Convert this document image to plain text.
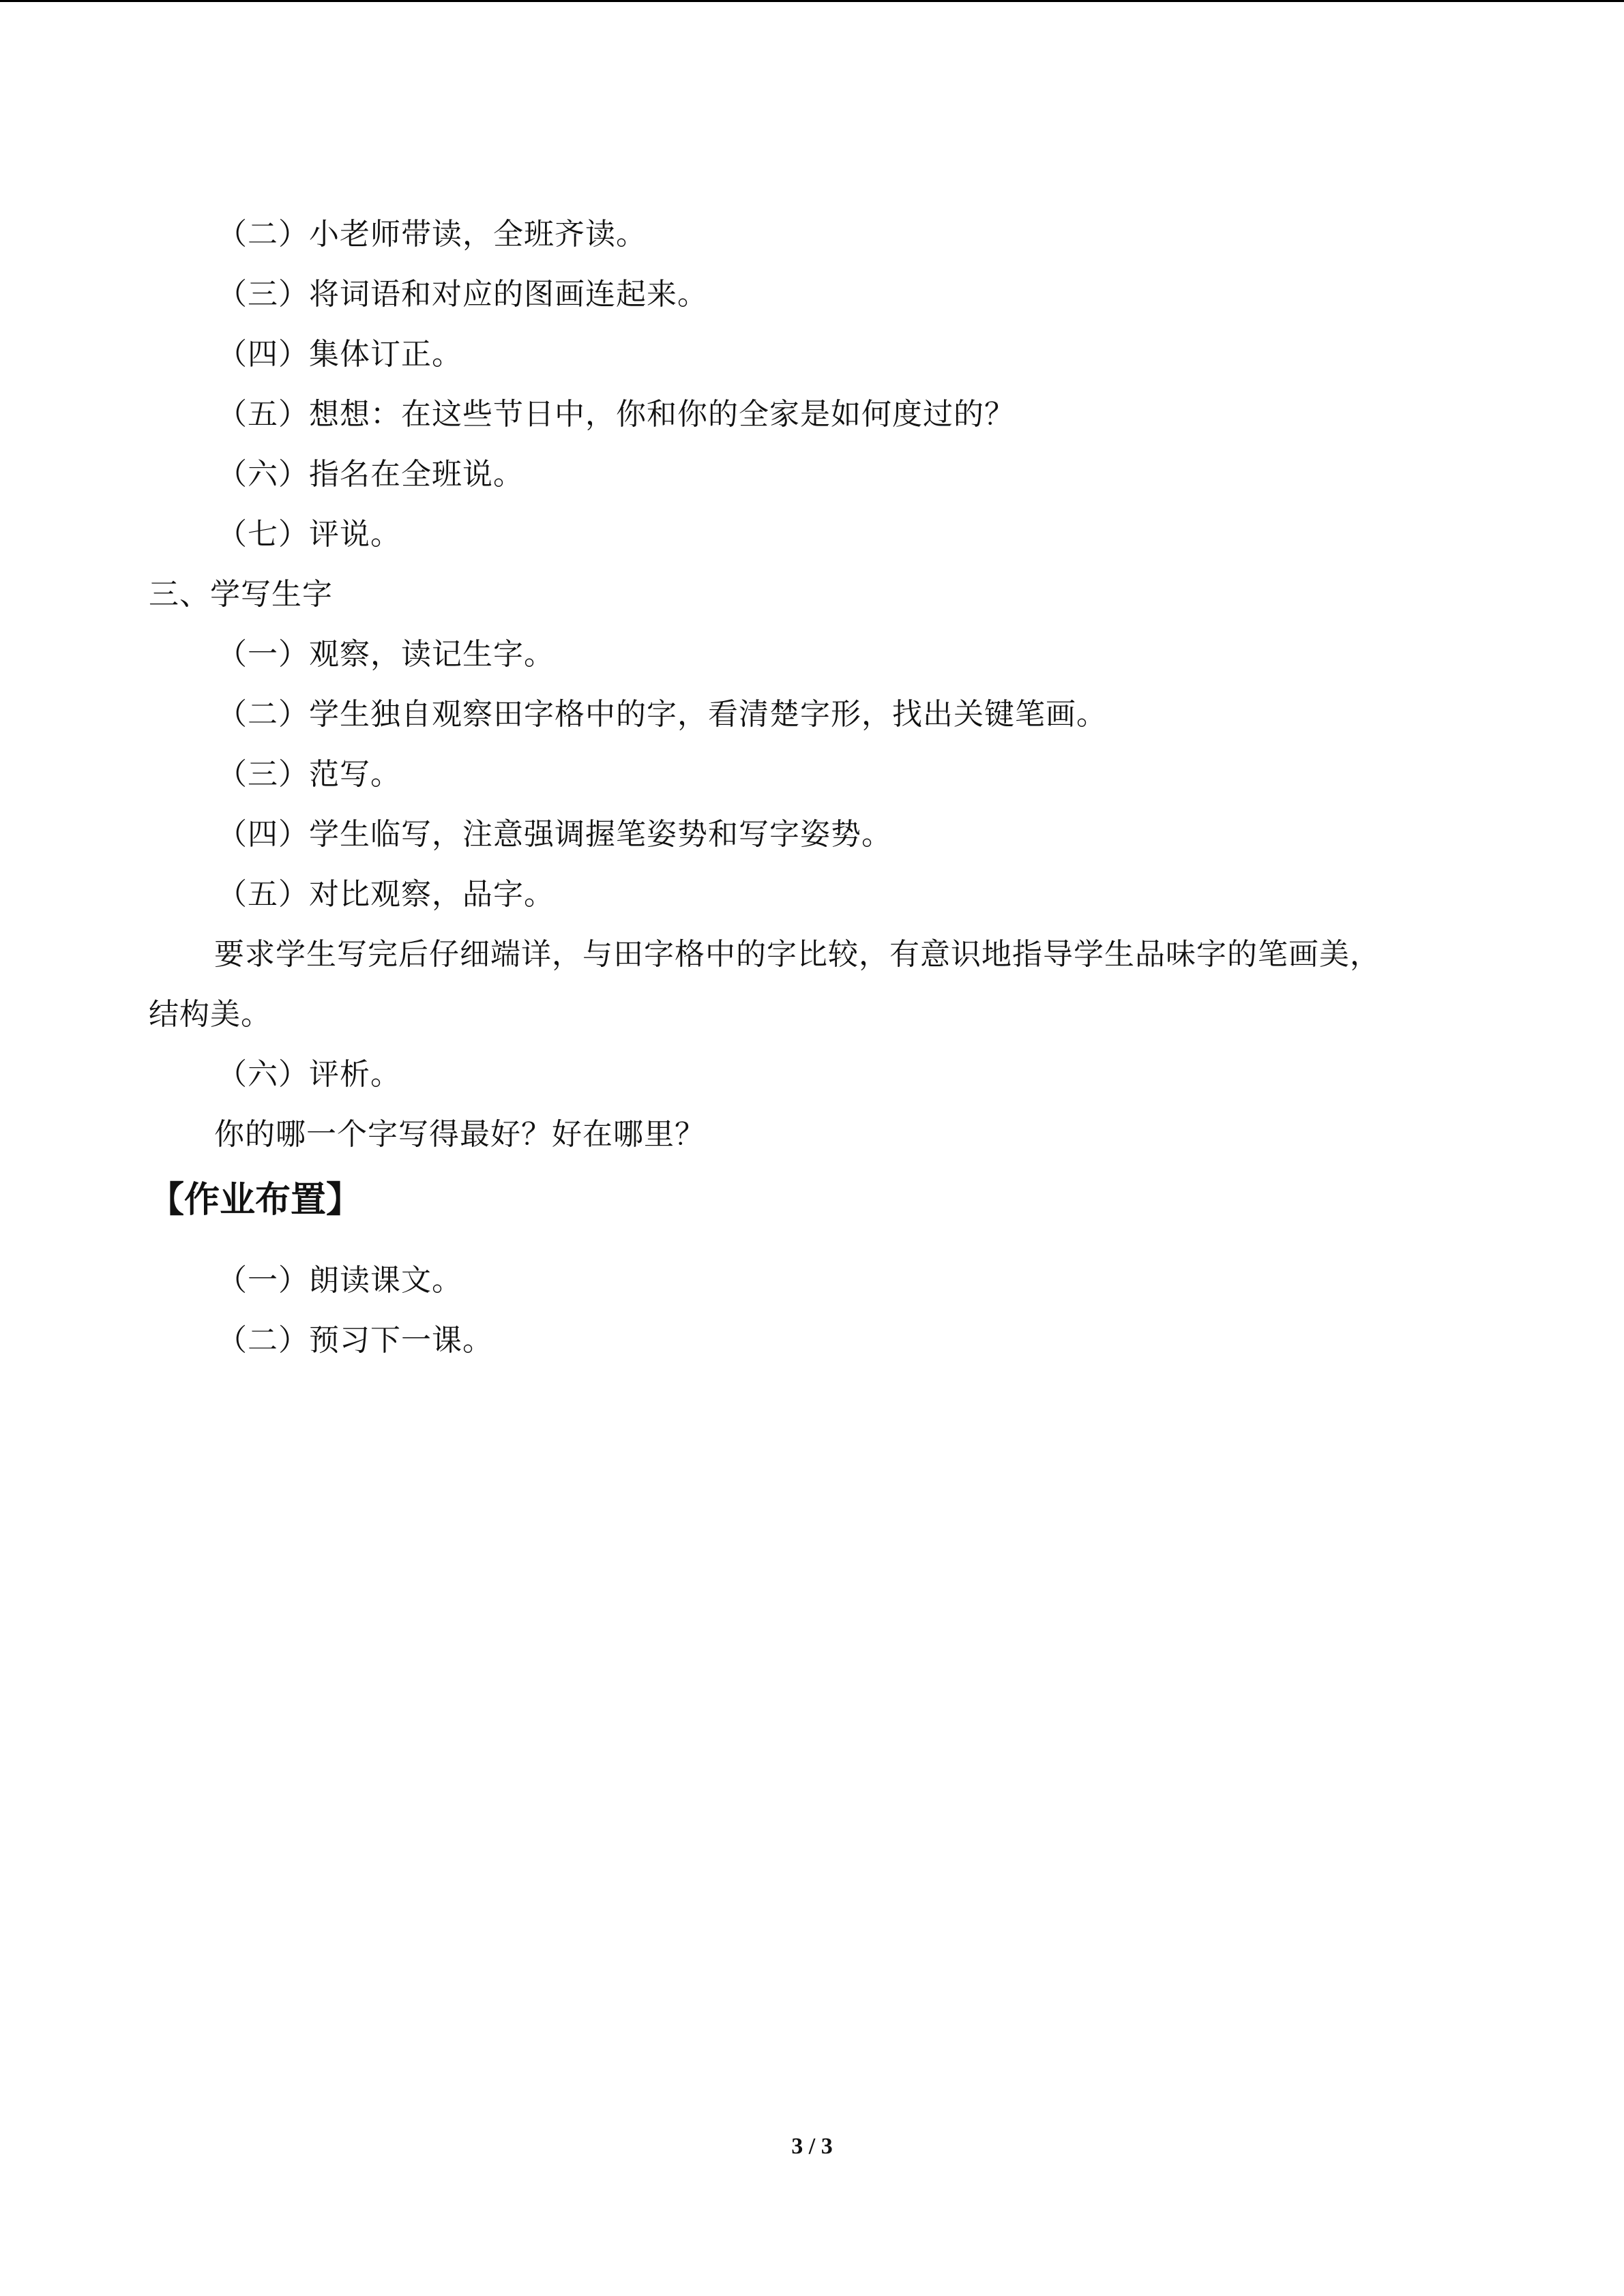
（二）小老师带读，全班齐读。
（三）将词语和对应的图画连起来。
（四）集体订正。
（五）想想：在这些节日中，你和你的全家是如何度过的？
（六）指名在全班说。
（七）评说。
三、学写生字
（一）观察，读记生字。
（二）学生独自观察田字格中的字，看清楚字形，找出关键笔画。
（三）范写。
（四）学生临写，注意强调握笔姿势和写字姿势。
（五）对比观察，品字。
要求学生写完后仔细端详，与田字格中的字比较，有意识地指导学生品味字的笔画美，
结构美。
（六）评析。
你的哪一个字写得最好？好在哪里？
【作业布置】
（一）朗读课文。
（二）预习下一课。
3 / 3
